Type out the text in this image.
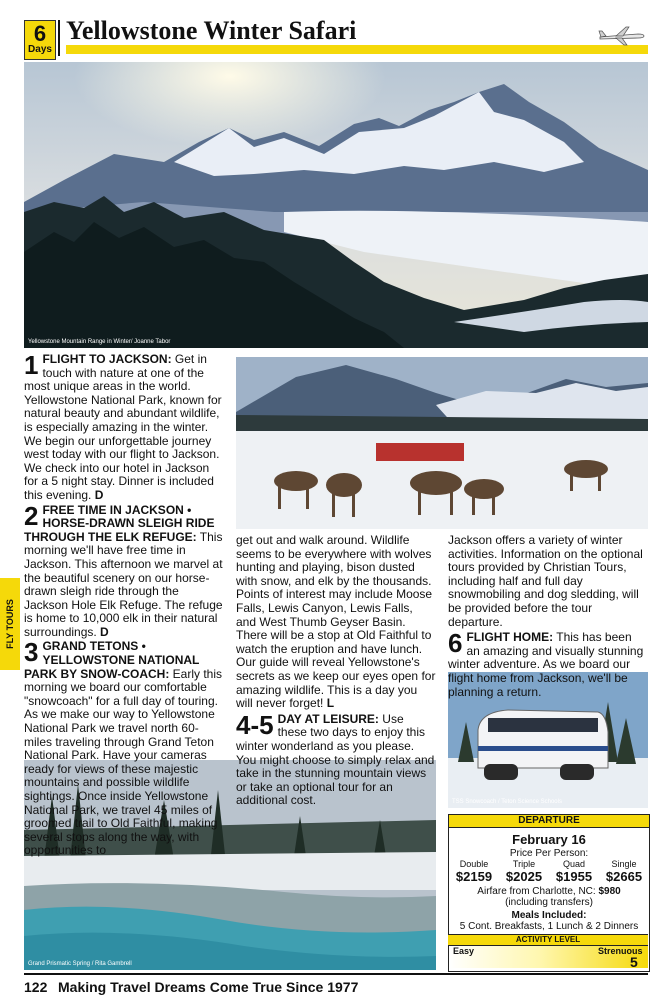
6
Days
Yellowstone Winter Safari
Yellowstone Mountain Range in Winter/ Joanne Tabor
TSS Snowcoach / Teton Science Schools
Grand Prismatic Spring / Rita Gambrell
FLY TOURS

1 FLIGHT TO JACKSON: Get in touch with nature at one of the most unique areas in the world. Yellowstone National Park, known for natural beauty and abundant wildlife, is especially amazing in the winter. We begin our unforgettable journey west today with our flight to Jackson. We check into our hotel in Jackson for a 5 night stay. Dinner is included this evening. D

2 FREE TIME IN JACKSON • HORSE-DRAWN SLEIGH RIDE THROUGH THE ELK REFUGE: This morning we'll have free time in Jackson. This afternoon we marvel at the beautiful scenery on our horse-drawn sleigh ride through the Jackson Hole Elk Refuge. The refuge is home to 10,000 elk in their natural surroundings. D

3 GRAND TETONS • YELLOWSTONE NATIONAL PARK BY SNOW-COACH: Early this morning we board our comfortable "snowcoach" for a full day of touring. As we make our way to Yellowstone National Park we travel north 60-miles traveling through Grand Teton National Park. Have your cameras ready for views of these majestic mountains and possible wildlife sightings. Once inside Yellowstone National Park, we travel 45 miles of groomed trail to Old Faithful, making several stops along the way, with opportunities to

get out and walk around. Wildlife seems to be everywhere with wolves hunting and playing, bison dusted with snow, and elk by the thousands. Points of interest may include Moose Falls, Lewis Canyon, Lewis Falls, and West Thumb Geyser Basin. There will be a stop at Old Faithful to watch the eruption and have lunch. Our guide will reveal Yellowstone's secrets as we keep our eyes open for amazing wildlife. This is a day you will never forget! L

4-5 DAY AT LEISURE: Use these two days to enjoy this winter wonderland as you please. You might choose to simply relax and take in the stunning mountain views or take an optional tour for an additional cost.

Jackson offers a variety of winter activities. Information on the optional tours provided by Christian Tours, including half and full day snowmobiling and dog sledding, will be provided before the tour departure.

6 FLIGHT HOME: This has been an amazing and visually stunning winter adventure. As we board our flight home from Jackson, we'll be planning a return.

DEPARTURE
February 16
Price Per Person:
Double	Triple	Quad	Single
$2159	$2025	$1955	$2665
Airfare from Charlotte, NC: $980
(including transfers)
Meals Included:
5 Cont. Breakfasts, 1 Lunch & 2 Dinners
ACTIVITY LEVEL
Easy	Strenuous
5
122 Making Travel Dreams Come True Since 1977
